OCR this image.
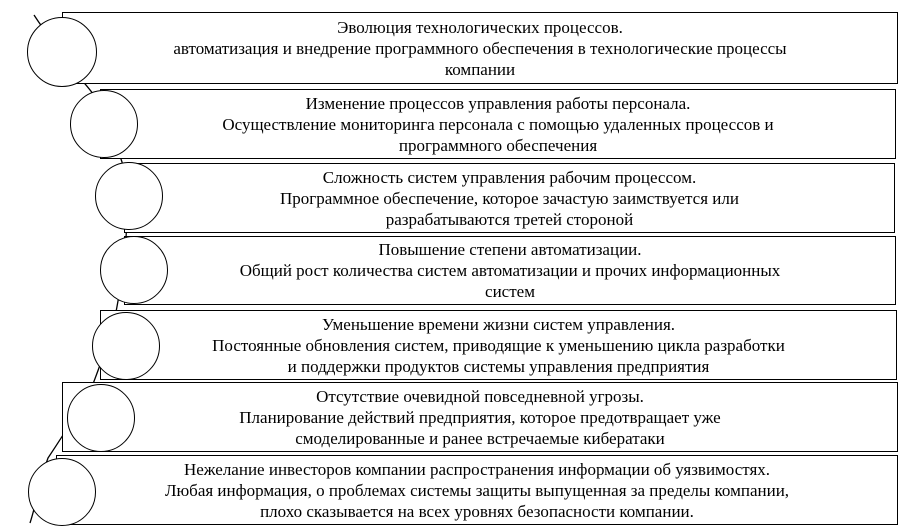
Эволюция технологических процессов.
автоматизация и внедрение программного обеспечения в технологические процессы
компании
Изменение процессов управления работы персонала.
Осуществление мониторинга персонала с помощью удаленных процессов и
программного обеспечения
Сложность систем управления рабочим процессом.
Программное обеспечение, которое зачастую заимствуется или
разрабатываются третей стороной
Повышение степени автоматизации.
Общий рост количества систем автоматизации и прочих информационных
систем
Уменьшение времени жизни систем управления.
Постоянные обновления систем, приводящие к уменьшению цикла разработки
и поддержки продуктов системы управления предприятия
Отсутствие очевидной повседневной угрозы.
Планирование действий предприятия, которое предотвращает уже
смоделированные и ранее встречаемые кибератаки
Нежелание инвесторов компании распространения информации об уязвимостях.
Любая информация, о проблемах системы защиты выпущенная за пределы компании,
плохо сказывается на всех уровнях безопасности компании.
